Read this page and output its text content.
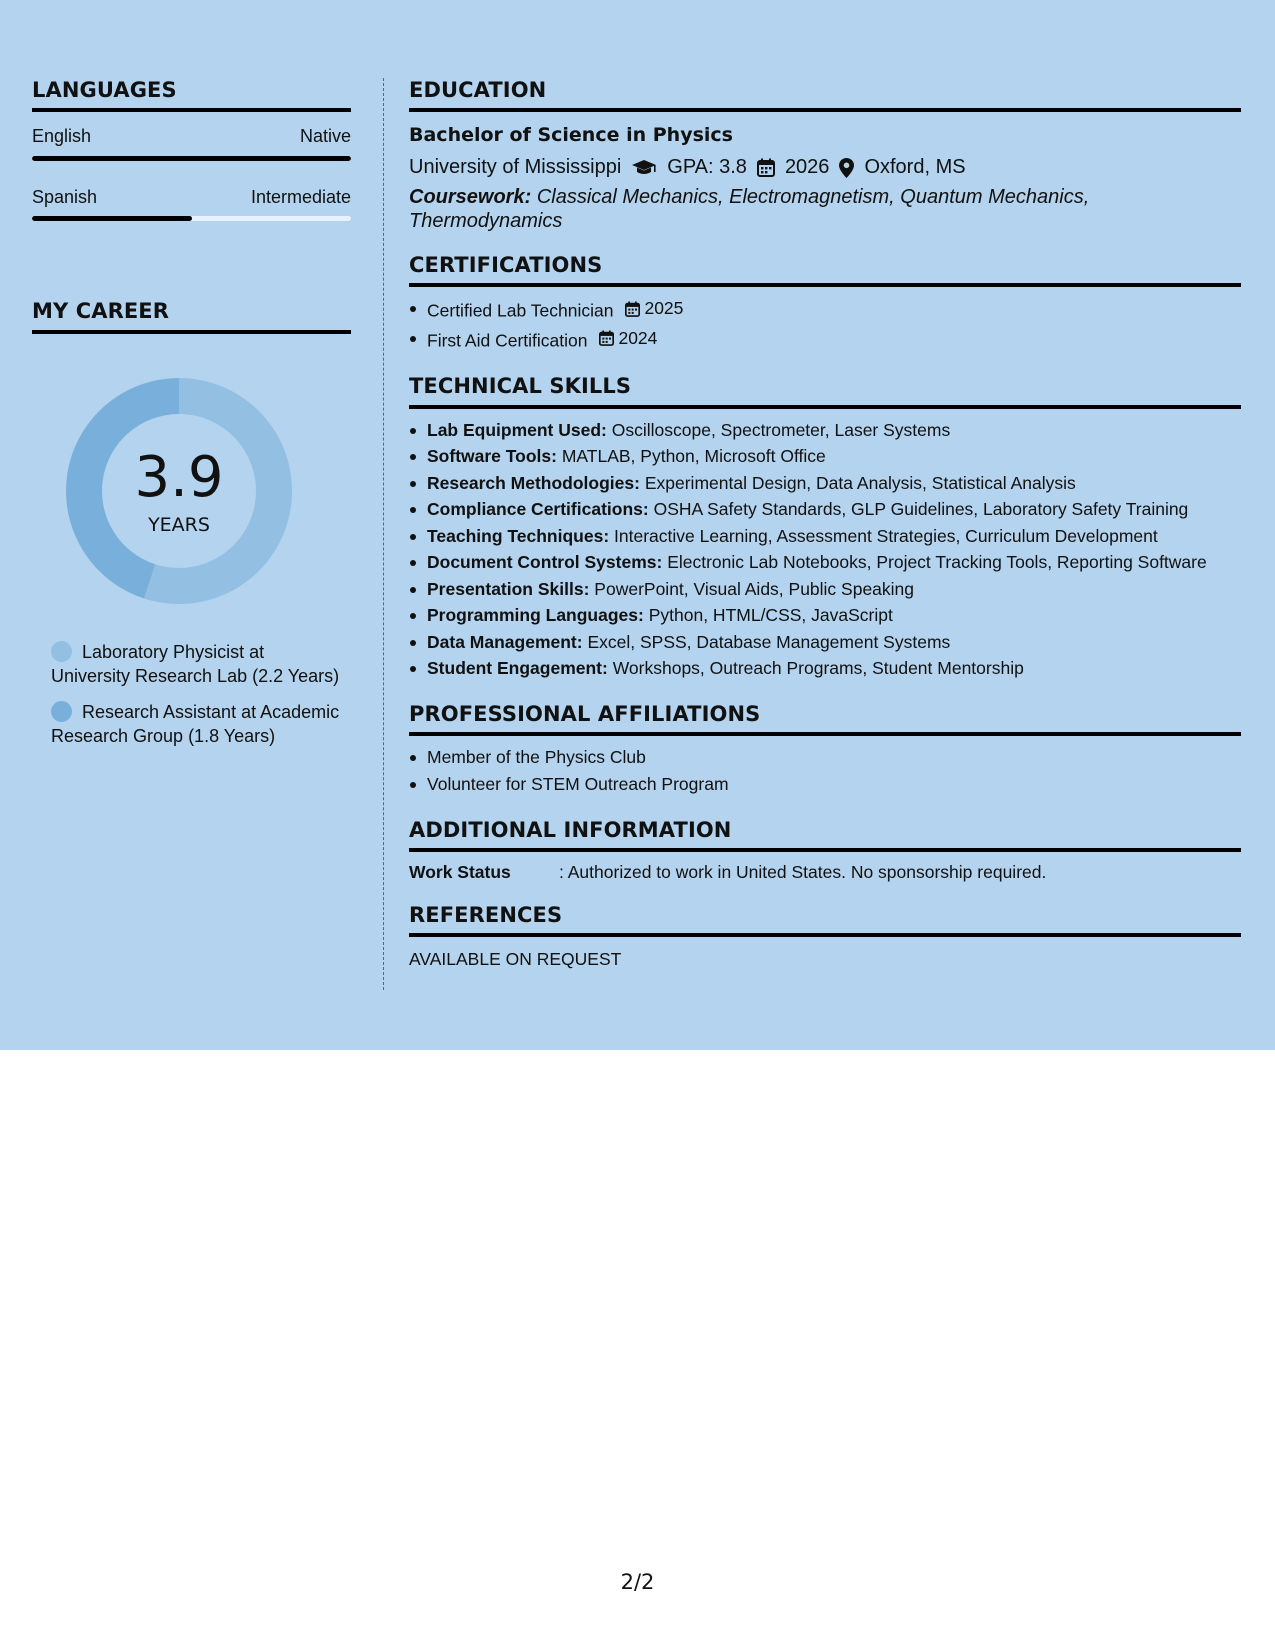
LANGUAGES
English	Native
Spanish	Intermediate
MY CAREER
3.9
YEARS
Laboratory Physicist at University Research Lab (2.2 Years)
Research Assistant at Academic Research Group (1.8 Years)
EDUCATION
Bachelor of Science in Physics
University of Mississippi GPA: 3.8 2026 Oxford, MS
Coursework: Classical Mechanics, Electromagnetism, Quantum Mechanics, Thermodynamics
CERTIFICATIONS
Certified Lab Technician 2025
First Aid Certification 2024
TECHNICAL SKILLS
Lab Equipment Used: Oscilloscope, Spectrometer, Laser Systems
Software Tools: MATLAB, Python, Microsoft Office
Research Methodologies: Experimental Design, Data Analysis, Statistical Analysis
Compliance Certifications: OSHA Safety Standards, GLP Guidelines, Laboratory Safety Training
Teaching Techniques: Interactive Learning, Assessment Strategies, Curriculum Development
Document Control Systems: Electronic Lab Notebooks, Project Tracking Tools, Reporting Software
Presentation Skills: PowerPoint, Visual Aids, Public Speaking
Programming Languages: Python, HTML/CSS, JavaScript
Data Management: Excel, SPSS, Database Management Systems
Student Engagement: Workshops, Outreach Programs, Student Mentorship
PROFESSIONAL AFFILIATIONS
Member of the Physics Club
Volunteer for STEM Outreach Program
ADDITIONAL INFORMATION
Work Status	: Authorized to work in United States. No sponsorship required.
REFERENCES
AVAILABLE ON REQUEST
2/2
